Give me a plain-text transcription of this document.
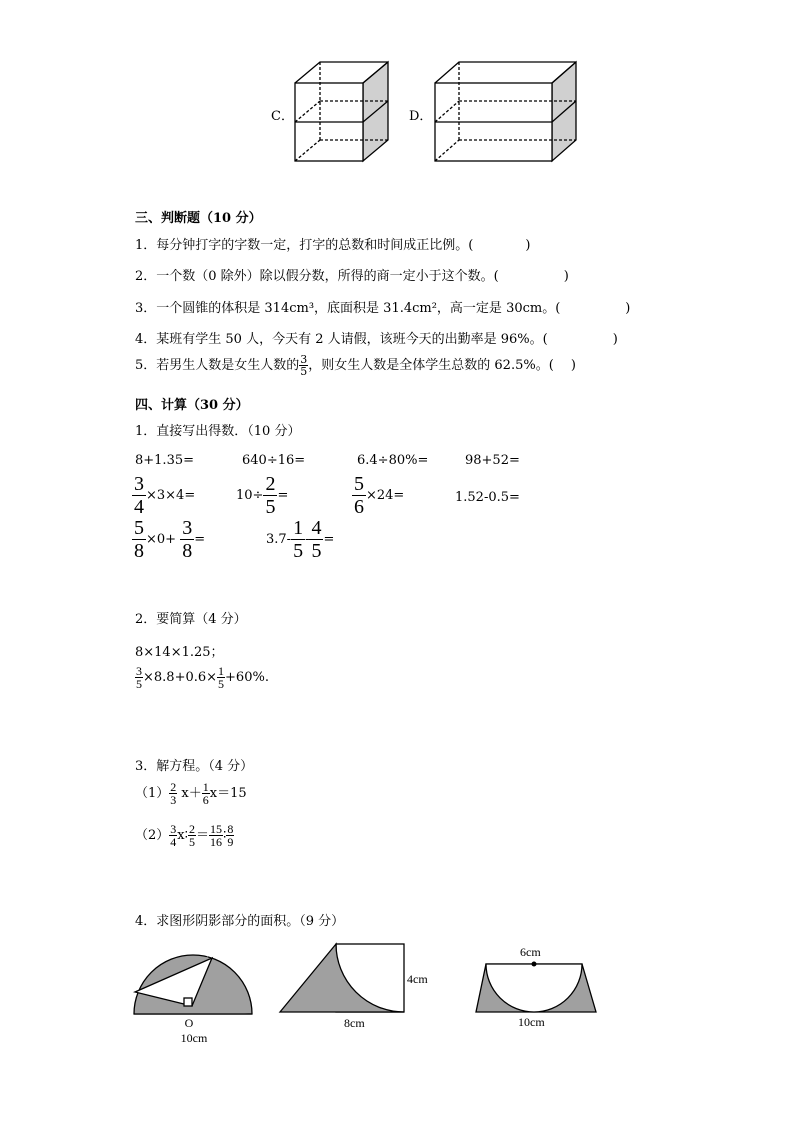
C．	D．
三、判断题（10 分）
1．每分钟打字的字数一定，打字的总数和时间成正比例。(　　　　)
2．一个数（0 除外）除以假分数，所得的商一定小于这个数。(　　　　　)
3．一个圆锥的体积是 314cm³，底面积是 31.4cm²，高一定是 30cm。(　　　　　)
4．某班有学生 50 人，今天有 2 人请假，该班今天的出勤率是 96%。(　　　　　)
5．若男生人数是女生人数的 $\frac{3}{5}$ ，则女生人数是全体学生总数的 62.5%。(　 )
四、计算（30 分）
1．直接写出得数．（10 分）
8+1.35=	640÷16=	6.4÷80%=	98+52=
$\frac{3}{4} \times 3\times 4=$	$10\div \frac{2}{5}$ =	$\frac{5}{6} \times 24=$	1.52-0.5=
$\frac{5}{8} \times 0+ \frac{3}{8}$ =	$3.7- \frac{1}{5} - \frac{4}{5}$ =
2．要简算（4 分）
8×14×1.25；
$\frac{3}{5} \times 8.8+0.6\times \frac{1}{5} +60\%$.
3．解方程。（4 分）
$(1) \frac{2}{3} x+ \frac{1}{6} x=15$
$(2) \frac{3}{4}$ x∶ $\frac{2}{5} = \frac{15}{16}$ ∶ $\frac{8}{9}$
4．求图形阴影部分的面积。（9 分）
O
10cm
4cm
8cm
6cm
10cm
